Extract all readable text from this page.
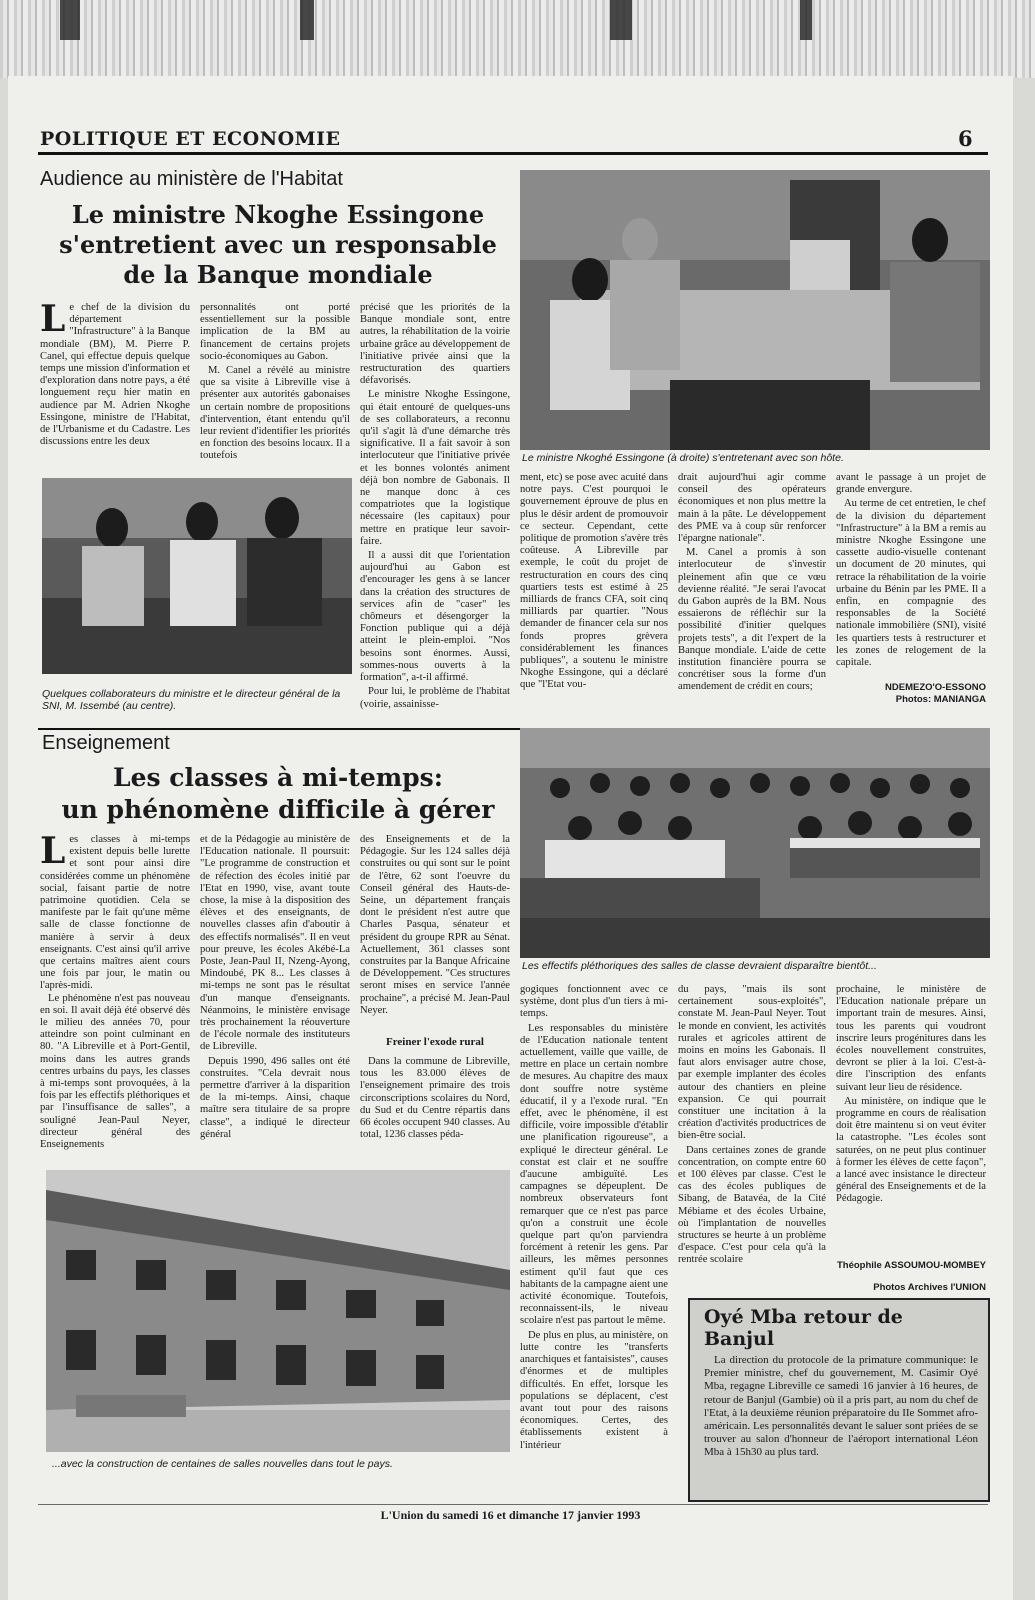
POLITIQUE ET ECONOMIE	6
Audience au ministère de l'Habitat
Le ministre Nkoghe Essingone
s'entretient avec un responsable
de la Banque mondiale
Le ministre Nkoghé Essingone (à droite) s'entretenant avec son hôte.
L e chef de la division du département "Infrastructure" à la Banque mondiale (BM), M. Pierre P. Canel, qui effectue depuis quelque temps une mission d'information et d'exploration dans notre pays, a été longuement reçu hier matin en audience par M. Adrien Nkoghe Essingone, ministre de l'Habitat, de l'Urbanisme et du Cadastre. Les discussions entre les deux

personnalités ont porté essentiellement sur la possible implication de la BM au financement de certains projets socio-économiques au Gabon.

M. Canel a révélé au ministre que sa visite à Libreville vise à présenter aux autorités gabonaises un certain nombre de propositions d'intervention, étant entendu qu'il leur revient d'identifier les priorités en fonction des besoins locaux. Il a toutefois

précisé que les priorités de la Banque mondiale sont, entre autres, la réhabilitation de la voirie urbaine grâce au développement de l'initiative privée ainsi que la restructuration des quartiers défavorisés.

Le ministre Nkoghe Essingone, qui était entouré de quelques-uns de ses collaborateurs, a reconnu qu'il s'agit là d'une démarche très significative. Il a fait savoir à son interlocuteur que l'initiative privée et les bonnes volontés animent déjà bon nombre de Gabonais. Il ne manque donc à ces compatriotes que la logistique nécessaire (les capitaux) pour mettre en pratique leur savoir-faire.

Il a aussi dit que l'orientation aujourd'hui au Gabon est d'encourager les gens à se lancer dans la création des structures de services afin de "caser" les chômeurs et désengorger la Fonction publique qui a déjà atteint le plein-emploi. "Nos besoins sont énormes. Aussi, sommes-nous ouverts à la formation", a-t-il affirmé.

Pour lui, le problème de l'habitat (voirie, assainisse-

Quelques collaborateurs du ministre et le directeur général de la SNI, M. Issembé (au centre).

ment, etc) se pose avec acuité dans notre pays. C'est pourquoi le gouvernement éprouve de plus en plus le désir ardent de promouvoir ce secteur. Cependant, cette politique de promotion s'avère très coûteuse. A Libreville par exemple, le coût du projet de restructuration en cours des cinq quartiers tests est estimé à 25 milliards de francs CFA, soit cinq milliards par quartier. "Nous demander de financer cela sur nos fonds propres grèvera considérablement les finances publiques", a soutenu le ministre Nkoghe Essingone, qui a déclaré que "l'Etat vou-

drait aujourd'hui agir comme conseil des opérateurs économiques et non plus mettre la main à la pâte. Le développement des PME va à coup sûr renforcer l'épargne nationale".

M. Canel a promis à son interlocuteur de s'investir pleinement afin que ce vœu devienne réalité. "Je serai l'avocat du Gabon auprès de la BM. Nous essaierons de réfléchir sur la possibilité d'initier quelques projets tests", a dit l'expert de la Banque mondiale. L'aide de cette institution financière pourra se concrétiser sous la forme d'un amendement de crédit en cours;

avant le passage à un projet de grande envergure.

Au terme de cet entretien, le chef de la division du département "Infrastructure" à la BM a remis au ministre Nkoghe Essingone une cassette audio-visuelle contenant un document de 20 minutes, qui retrace la réhabilitation de la voirie urbaine du Bénin par les PME. Il a enfin, en compagnie des responsables de la Société nationale immobilière (SNI), visité les quartiers tests à restructurer et les zones de relogement de la capitale.

NDEMEZO'O-ESSONO
Photos: MANIANGA
Enseignement
Les classes à mi-temps:
un phénomène difficile à gérer
Les effectifs pléthoriques des salles de classe devraient disparaître bientôt...
L es classes à mi-temps existent depuis belle lurette et sont pour ainsi dire considérées comme un phénomène social, faisant partie de notre patrimoine quotidien. Cela se manifeste par le fait qu'une même salle de classe fonctionne de manière à servir à deux enseignants. C'est ainsi qu'il arrive que certains maîtres aient cours une fois par jour, le matin ou l'après-midi.

Le phénomène n'est pas nouveau en soi. Il avait déjà été observé dès le milieu des années 70, pour atteindre son point culminant en 80. "A Libreville et à Port-Gentil, moins dans les autres grands centres urbains du pays, les classes à mi-temps sont provoquées, à la fois par les effectifs pléthoriques et par l'insuffisance de salles", a souligné Jean-Paul Neyer, directeur général des Enseignements

et de la Pédagogie au ministère de l'Education nationale. Il poursuit: "Le programme de construction et de réfection des écoles initié par l'Etat en 1990, vise, avant toute chose, la mise à la disposition des élèves et des enseignants, de nouvelles classes afin d'aboutir à des effectifs normalisés". Il en veut pour preuve, les écoles Akébé-La Poste, Jean-Paul II, Nzeng-Ayong, Mindoubé, PK 8... Les classes à mi-temps ne sont pas le résultat d'un manque d'enseignants. Néanmoins, le ministère envisage très prochainement la réouverture de l'école normale des instituteurs de Libreville.

Depuis 1990, 496 salles ont été construites. "Cela devrait nous permettre d'arriver à la disparition de la mi-temps. Ainsi, chaque maître sera titulaire de sa propre classe", a indiqué le directeur général

des Enseignements et de la Pédagogie. Sur les 124 salles déjà construites ou qui sont sur le point de l'être, 62 sont l'oeuvre du Conseil général des Hauts-de-Seine, un département français dont le président n'est autre que Charles Pasqua, sénateur et président du groupe RPR au Sénat. Actuellement, 361 classes sont construites par la Banque Africaine de Développement. "Ces structures seront mises en service l'année prochaine", a précisé M. Jean-Paul Neyer.

Freiner l'exode rural

Dans la commune de Libreville, tous les 83.000 élèves de l'enseignement primaire des trois circonscriptions scolaires du Nord, du Sud et du Centre répartis dans 66 écoles occupent 940 classes. Au total, 1236 classes péda-

...avec la construction de centaines de salles nouvelles dans tout le pays.

gogiques fonctionnent avec ce système, dont plus d'un tiers à mi-temps.

Les responsables du ministère de l'Education nationale tentent actuellement, vaille que vaille, de mettre en place un certain nombre de mesures. Au chapitre des maux dont souffre notre système éducatif, il y a l'exode rural. "En effet, avec le phénomène, il est difficile, voire impossible d'établir une planification rigoureuse", a expliqué le directeur général. Le constat est clair et ne souffre d'aucune ambiguïté. Les campagnes se dépeuplent. De nombreux observateurs font remarquer que ce n'est pas parce qu'on a construit une école quelque part qu'on parviendra forcément à retenir les gens. Par ailleurs, les mêmes personnes estiment qu'il faut que ces habitants de la campagne aient une activité économique. Toutefois, reconnaissent-ils, le niveau scolaire n'est pas partout le même.

De plus en plus, au ministère, on lutte contre les "transferts anarchiques et fantaisistes", causes d'énormes et de multiples difficultés. En effet, lorsque les populations se déplacent, c'est avant tout pour des raisons économiques. Certes, des établissements existent à l'intérieur

du pays, "mais ils sont certainement sous-exploités", constate M. Jean-Paul Neyer. Tout le monde en convient, les activités rurales et agricoles attirent de moins en moins les Gabonais. Il faut alors envisager autre chose, par exemple implanter des écoles autour des chantiers en pleine expansion. Ce qui pourrait constituer une incitation à la création d'activités productrices de bien-être social.

Dans certaines zones de grande concentration, on compte entre 60 et 100 élèves par classe. C'est le cas des écoles publiques de Sibang, de Batavéa, de la Cité Mébiame et des écoles Urbaine, où l'implantation de nouvelles structures se heurte à un problème d'espace. C'est pour cela qu'à la rentrée scolaire

prochaine, le ministère de l'Education nationale prépare un important train de mesures. Ainsi, tous les parents qui voudront inscrire leurs progénitures dans les écoles nouvellement construites, devront se plier à la loi. C'est-à-dire l'inscription des enfants suivant leur lieu de résidence.

Au ministère, on indique que le programme en cours de réalisation doit être maintenu si on veut éviter la catastrophe. "Les écoles sont saturées, on ne peut plus continuer à former les élèves de cette façon", a lancé avec insistance le directeur général des Enseignements et de la Pédagogie.

Théophile ASSOUMOU-MOMBEY
Photos Archives l'UNION
Oyé Mba retour de Banjul
La direction du protocole de la primature communique: le Premier ministre, chef du gouvernement, M. Casimir Oyé Mba, regagne Libreville ce samedi 16 janvier à 16 heures, de retour de Banjul (Gambie) où il a pris part, au nom du chef de l'Etat, à la deuxième réunion préparatoire du IIe Sommet afro-américain. Les personnalités devant le saluer sont priées de se trouver au salon d'honneur de l'aéroport international Léon Mba à 15h30 au plus tard.
L'Union du samedi 16 et dimanche 17 janvier 1993
